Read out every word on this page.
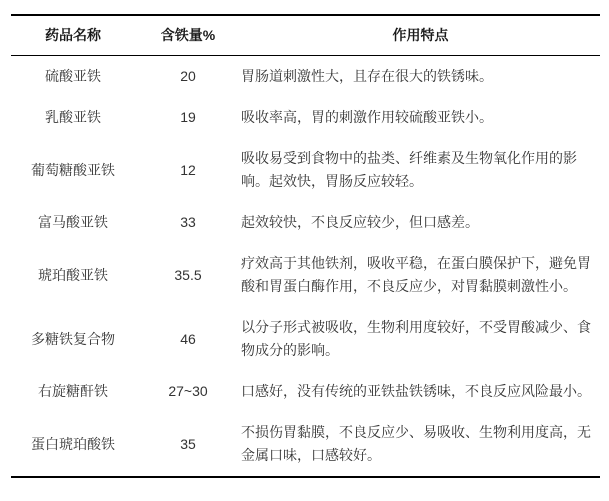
药品名称	含铁量%	作用特点
硫酸亚铁	20	胃肠道刺激性大，且存在很大的铁锈味。
乳酸亚铁	19	吸收率高，胃的刺激作用较硫酸亚铁小。
葡萄糖酸亚铁	12	吸收易受到食物中的盐类、纤维素及生物氧化作用的影响。起效快，胃肠反应较轻。
富马酸亚铁	33	起效较快，不良反应较少，但口感差。
琥珀酸亚铁	35.5	疗效高于其他铁剂，吸收平稳，在蛋白膜保护下，避免胃酸和胃蛋白酶作用，不良反应少，对胃黏膜刺激性小。
多糖铁复合物	46	以分子形式被吸收，生物利用度较好，不受胃酸减少、食物成分的影响。
右旋糖酐铁	27~30	口感好，没有传统的亚铁盐铁锈味，不良反应风险最小。
蛋白琥珀酸铁	35	不损伤胃黏膜，不良反应少、易吸收、生物利用度高，无金属口味，口感较好。
